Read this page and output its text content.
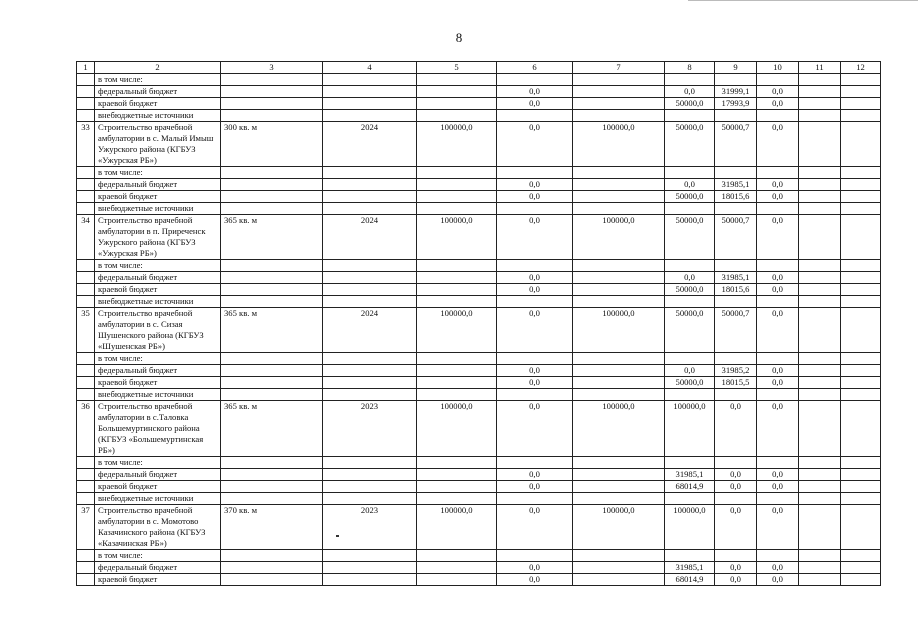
8
1	2	3	4	5	6	7	8	9	10	11	12
	в том числе:										
	федеральный бюджет				0,0		0,0	31999,1	0,0		
	краевой бюджет				0,0		50000,0	17993,9	0,0		
	внебюджетные источники										
33	Строительство врачебной амбулатории в с. Малый Имыш Ужурского района (КГБУЗ «Ужурская РБ»)	300 кв. м	2024	100000,0	0,0	100000,0	50000,0	50000,7	0,0		
	в том числе:										
	федеральный бюджет				0,0		0,0	31985,1	0,0		
	краевой бюджет				0,0		50000,0	18015,6	0,0		
	внебюджетные источники										
34	Строительство врачебной амбулатории в п. Приреченск Ужурского района (КГБУЗ «Ужурская РБ»)	365 кв. м	2024	100000,0	0,0	100000,0	50000,0	50000,7	0,0		
	в том числе:										
	федеральный бюджет				0,0		0,0	31985,1	0,0		
	краевой бюджет				0,0		50000,0	18015,6	0,0		
	внебюджетные источники										
35	Строительство врачебной амбулатории в с. Сизая Шушенского района (КГБУЗ «Шушенская РБ»)	365 кв. м	2024	100000,0	0,0	100000,0	50000,0	50000,7	0,0		
	в том числе:										
	федеральный бюджет				0,0		0,0	31985,2	0,0		
	краевой бюджет				0,0		50000,0	18015,5	0,0		
	внебюджетные источники										
36	Строительство врачебной амбулатории в с.Таловка Большемуртинского района (КГБУЗ «Большемуртинская РБ»)	365 кв. м	2023	100000,0	0,0	100000,0	100000,0	0,0	0,0		
	в том числе:										
	федеральный бюджет				0,0		31985,1	0,0	0,0		
	краевой бюджет				0,0		68014,9	0,0	0,0		
	внебюджетные источники										
37	Строительство врачебной амбулатории в с. Момотово Казачинского района (КГБУЗ «Казачинская РБ»)	370 кв. м	2023	100000,0	0,0	100000,0	100000,0	0,0	0,0		
	в том числе:										
	федеральный бюджет				0,0		31985,1	0,0	0,0		
	краевой бюджет				0,0		68014,9	0,0	0,0		
